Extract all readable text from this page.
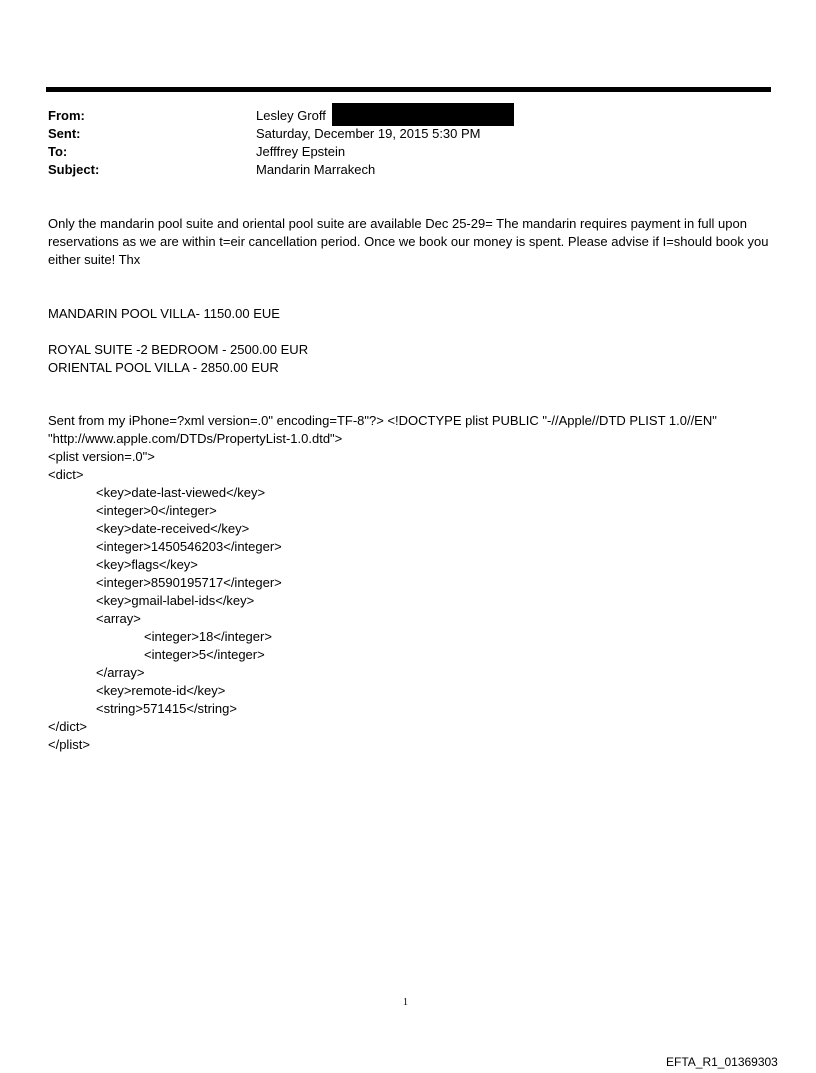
From:	Lesley Groff
Sent:	Saturday, December 19, 2015 5:30 PM
To:	Jefffrey Epstein
Subject:	Mandarin Marrakech
Only the mandarin pool suite and oriental pool suite are available Dec 25-29= The mandarin requires payment in full upon reservations as we are within t=eir cancellation period. Once we book our money is spent. Please advise if I=should book you either suite! Thx
MANDARIN POOL VILLA- 1150.00 EUE
ROYAL SUITE -2 BEDROOM - 2500.00 EUR
ORIENTAL POOL VILLA - 2850.00 EUR
Sent from my iPhone=?xml version=.0" encoding=TF-8"?> <!DOCTYPE plist PUBLIC "-//Apple//DTD PLIST 1.0//EN"
"http://www.apple.com/DTDs/PropertyList-1.0.dtd">
<plist version=.0">
<dict>
<key>date-last-viewed</key>
<integer>0</integer>
<key>date-received</key>
<integer>1450546203</integer>
<key>flags</key>
<integer>8590195717</integer>
<key>gmail-label-ids</key>
<array>
<integer>18</integer>
<integer>5</integer>
</array>
<key>remote-id</key>
<string>571415</string>
</dict>
</plist>
1
EFTA_R1_01369303
